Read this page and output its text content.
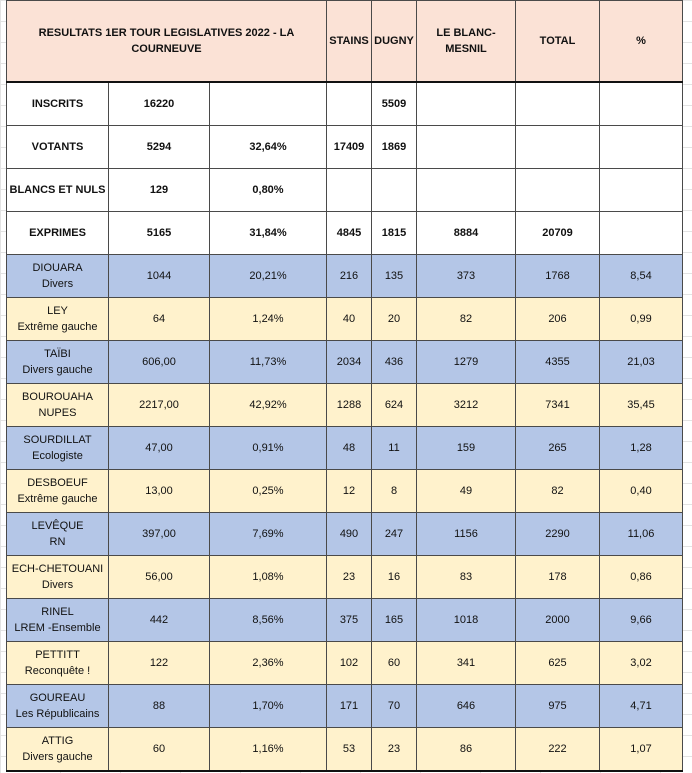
RESULTATS 1ER TOUR LEGISLATIVES 2022 - LA COURNEUVE			STAINS	DUGNY	LE BLANC-MESNIL	TOTAL	%
INSCRITS	16220			5509			
VOTANTS	5294	32,64%	17409	1869			
BLANCS ET NULS	129	0,80%					
EXPRIMES	5165	31,84%	4845	1815	8884	20709	

DIOUARA
Divers	1044	20,21%	216	135	373	1768	8,54

LEY
Extrême gauche	64	1,24%	40	20	82	206	0,99

TAÏBI
Divers gauche	606,00	11,73%	2034	436	1279	4355	21,03

BOUROUAHA
NUPES	2217,00	42,92%	1288	624	3212	7341	35,45

SOURDILLAT
Ecologiste	47,00	0,91%	48	11	159	265	1,28

DESBOEUF
Extrême gauche	13,00	0,25%	12	8	49	82	0,40

LEVÊQUE
RN	397,00	7,69%	490	247	1156	2290	11,06

ECH-CHETOUANI
Divers	56,00	1,08%	23	16	83	178	0,86

RINEL
LREM -Ensemble	442	8,56%	375	165	1018	2000	9,66

PETTITT
Reconquête !	122	2,36%	102	60	341	625	3,02

GOUREAU
Les Républicains	88	1,70%	171	70	646	975	4,71

ATTIG
Divers gauche	60	1,16%	53	23	86	222	1,07
